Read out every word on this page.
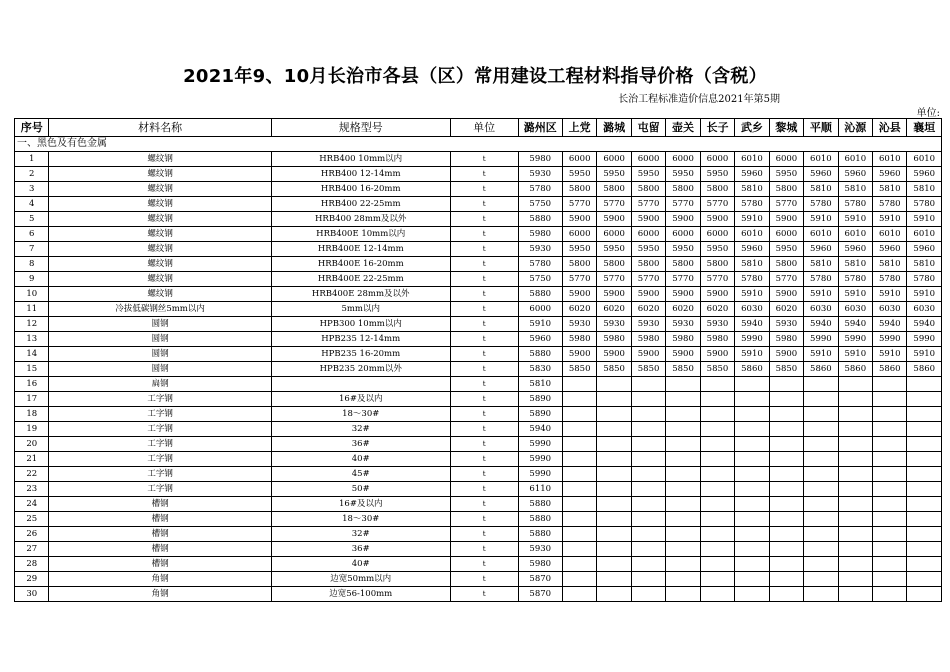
2021年9、10月长治市各县（区）常用建设工程材料指导价格（含税）
长治工程标准造价信息2021年第5期
单位:
序号	材料名称	规格型号	单位	潞州区	上党	潞城	屯留	壶关	长子	武乡	黎城	平顺	沁源	沁县	襄垣
一、黑色及有色金属															
1	螺纹钢	HRB400 10mm以内	t	5980	6000	6000	6000	6000	6000	6010	6000	6010	6010	6010	6010
2	螺纹钢	HRB400 12-14mm	t	5930	5950	5950	5950	5950	5950	5960	5950	5960	5960	5960	5960
3	螺纹钢	HRB400 16-20mm	t	5780	5800	5800	5800	5800	5800	5810	5800	5810	5810	5810	5810
4	螺纹钢	HRB400 22-25mm	t	5750	5770	5770	5770	5770	5770	5780	5770	5780	5780	5780	5780
5	螺纹钢	HRB400 28mm及以外	t	5880	5900	5900	5900	5900	5900	5910	5900	5910	5910	5910	5910
6	螺纹钢	HRB400E 10mm以内	t	5980	6000	6000	6000	6000	6000	6010	6000	6010	6010	6010	6010
7	螺纹钢	HRB400E 12-14mm	t	5930	5950	5950	5950	5950	5950	5960	5950	5960	5960	5960	5960
8	螺纹钢	HRB400E 16-20mm	t	5780	5800	5800	5800	5800	5800	5810	5800	5810	5810	5810	5810
9	螺纹钢	HRB400E 22-25mm	t	5750	5770	5770	5770	5770	5770	5780	5770	5780	5780	5780	5780
10	螺纹钢	HRB400E 28mm及以外	t	5880	5900	5900	5900	5900	5900	5910	5900	5910	5910	5910	5910
11	冷拔低碳钢丝5mm以内	5mm以内	t	6000	6020	6020	6020	6020	6020	6030	6020	6030	6030	6030	6030
12	圆钢	HPB300 10mm以内	t	5910	5930	5930	5930	5930	5930	5940	5930	5940	5940	5940	5940
13	圆钢	HPB235 12-14mm	t	5960	5980	5980	5980	5980	5980	5990	5980	5990	5990	5990	5990
14	圆钢	HPB235 16-20mm	t	5880	5900	5900	5900	5900	5900	5910	5900	5910	5910	5910	5910
15	圆钢	HPB235 20mm以外	t	5830	5850	5850	5850	5850	5850	5860	5850	5860	5860	5860	5860
16	扁钢		t	5810											
17	工字钢	16#及以内	t	5890											
18	工字钢	18～30#	t	5890											
19	工字钢	32#	t	5940											
20	工字钢	36#	t	5990											
21	工字钢	40#	t	5990											
22	工字钢	45#	t	5990											
23	工字钢	50#	t	6110											
24	槽钢	16#及以内	t	5880											
25	槽钢	18～30#	t	5880											
26	槽钢	32#	t	5880											
27	槽钢	36#	t	5930											
28	槽钢	40#	t	5980											
29	角钢	边宽50mm以内	t	5870											
30	角钢	边宽56-100mm	t	5870											
